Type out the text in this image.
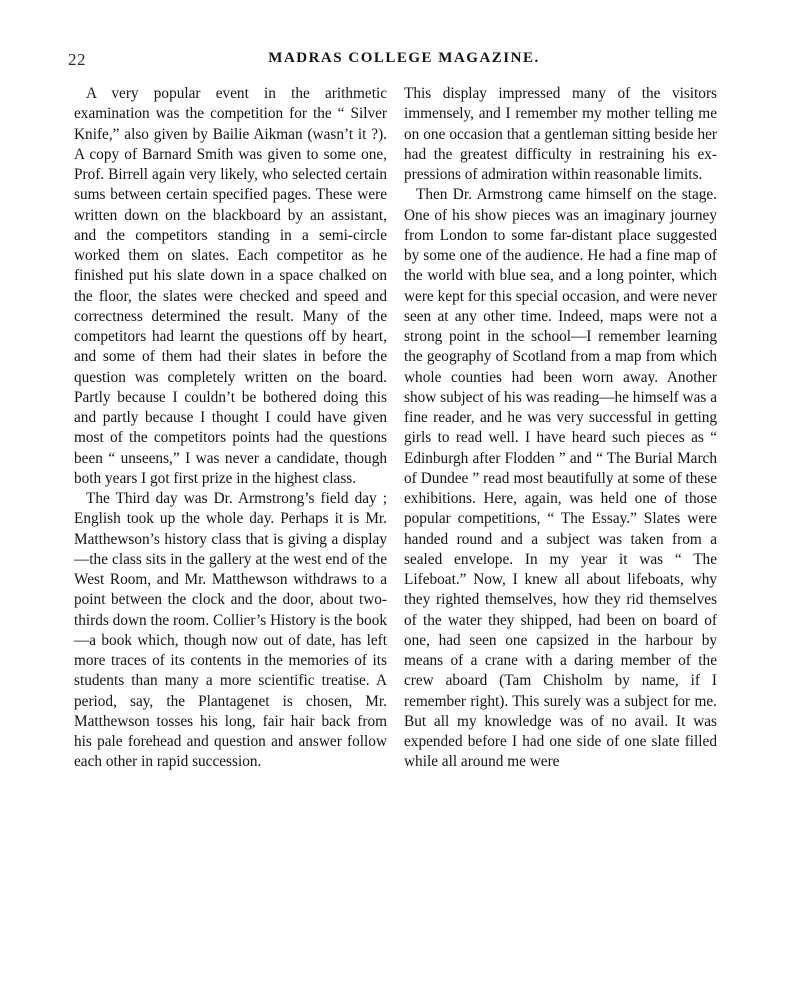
22	MADRAS COLLEGE MAGAZINE.

A very popular event in the arithmetic examination was the competition for the “ Silver Knife,” also given by Bailie Aikman (wasn’t it ?). A copy of Barnard Smith was given to some one, Prof. Birrell again very likely, who selected certain sums between certain specified pages. These were written down on the blackboard by an assistant, and the competitors standing in a semi-circle worked them on slates. Each competitor as he finished put his slate down in a space chalked on the floor, the slates were checked and speed and correctness determined the result. Many of the competitors had learnt the questions off by heart, and some of them had their slates in before the question was completely written on the board. Partly because I couldn’t be bothered doing this and partly because I thought I could have given most of the competitors points had the questions been “ unseens,” I was never a candidate, though both years I got first prize in the highest class.

The Third day was Dr. Armstrong’s field day ; English took up the whole day. Perhaps it is Mr. Matthewson’s history class that is giving a display—the class sits in the gallery at the west end of the West Room, and Mr. Matthewson withdraws to a point between the clock and the door, about two-thirds down the room. Collier’s History is the book—a book which, though now out of date, has left more traces of its contents in the memories of its students than many a more scientific treatise. A period, say, the Plantagenet is chosen, Mr. Matthewson tosses his long, fair hair back from his pale forehead and question and answer follow each other in rapid succession.

This display impressed many of the visitors immensely, and I remember my mother telling me on one occasion that a gentleman sitting beside her had the greatest difficulty in restraining his expressions of admiration within reasonable limits.

Then Dr. Armstrong came himself on the stage. One of his show pieces was an imaginary journey from London to some far-distant place suggested by some one of the audience. He had a fine map of the world with blue sea, and a long pointer, which were kept for this special occasion, and were never seen at any other time. Indeed, maps were not a strong point in the school—I remember learning the geography of Scotland from a map from which whole counties had been worn away. Another show subject of his was reading—he himself was a fine reader, and he was very successful in getting girls to read well. I have heard such pieces as “ Edinburgh after Flodden ” and “ The Burial March of Dundee ” read most beautifully at some of these exhibitions. Here, again, was held one of those popular competitions, “ The Essay.” Slates were handed round and a subject was taken from a sealed envelope. In my year it was “ The Lifeboat.” Now, I knew all about lifeboats, why they righted themselves, how they rid themselves of the water they shipped, had been on board of one, had seen one capsized in the harbour by means of a crane with a daring member of the crew aboard (Tam Chisholm by name, if I remember right). This surely was a subject for me. But all my knowledge was of no avail. It was expended before I had one side of one slate filled while all around me were
